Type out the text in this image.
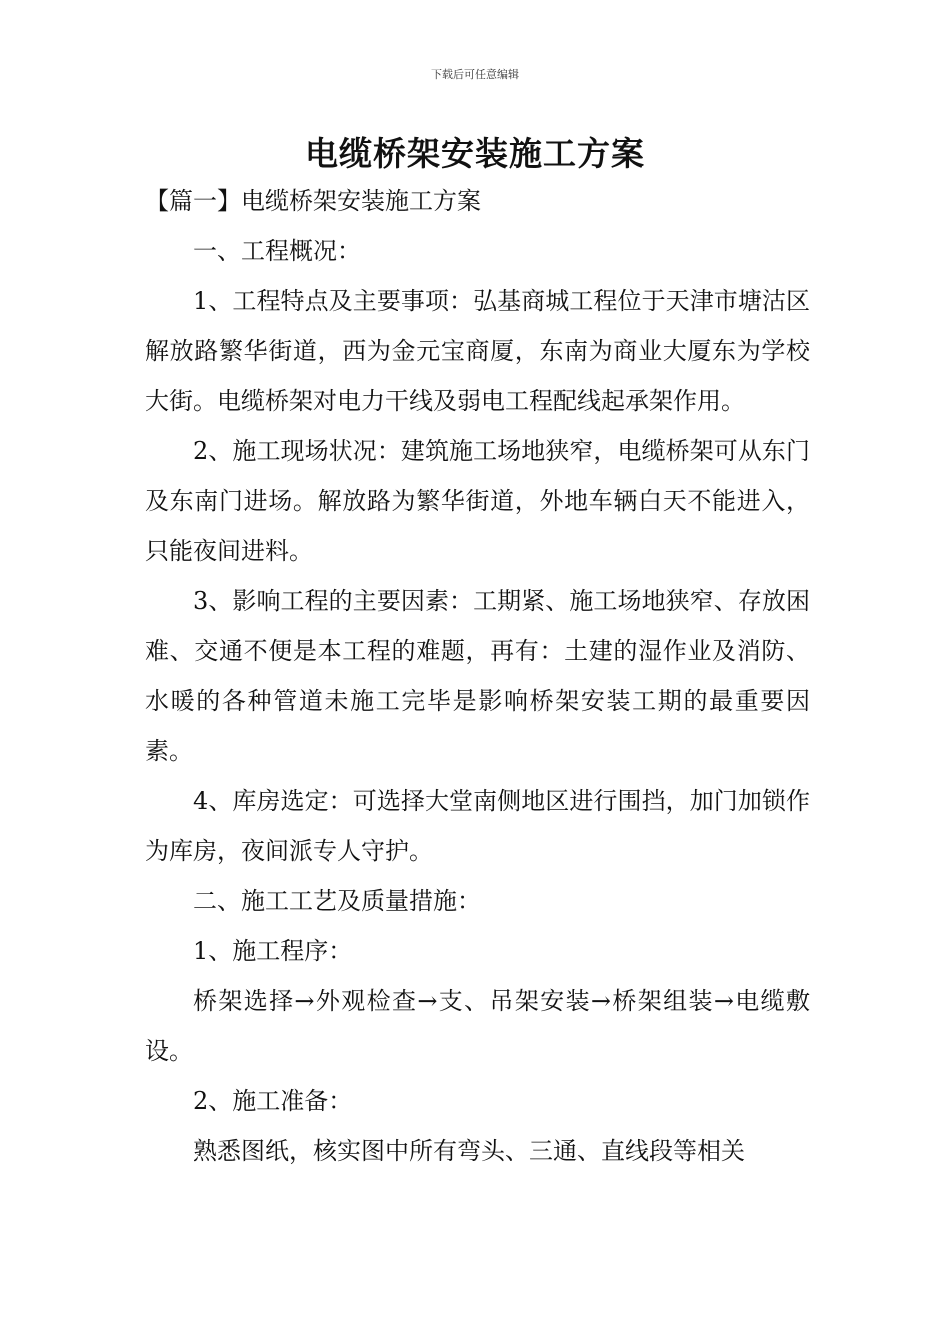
下载后可任意编辑
电缆桥架安装施工方案

【篇一】电缆桥架安装施工方案

一、工程概况：

1、工程特点及主要事项：弘基商城工程位于天津市塘沽区解放路繁华街道，西为金元宝商厦，东南为商业大厦东为学校大街。电缆桥架对电力干线及弱电工程配线起承架作用。

2、施工现场状况：建筑施工场地狭窄，电缆桥架可从东门及东南门进场。解放路为繁华街道，外地车辆白天不能进入，只能夜间进料。

3、影响工程的主要因素：工期紧、施工场地狭窄、存放困难、交通不便是本工程的难题，再有：土建的湿作业及消防、水暖的各种管道未施工完毕是影响桥架安装工期的最重要因素。

4、库房选定：可选择大堂南侧地区进行围挡，加门加锁作为库房，夜间派专人守护。

二、施工工艺及质量措施：

1、施工程序：

桥架选择→外观检查→支、吊架安装→桥架组装→电缆敷设。

2、施工准备：

熟悉图纸，核实图中所有弯头、三通、直线段等相关
